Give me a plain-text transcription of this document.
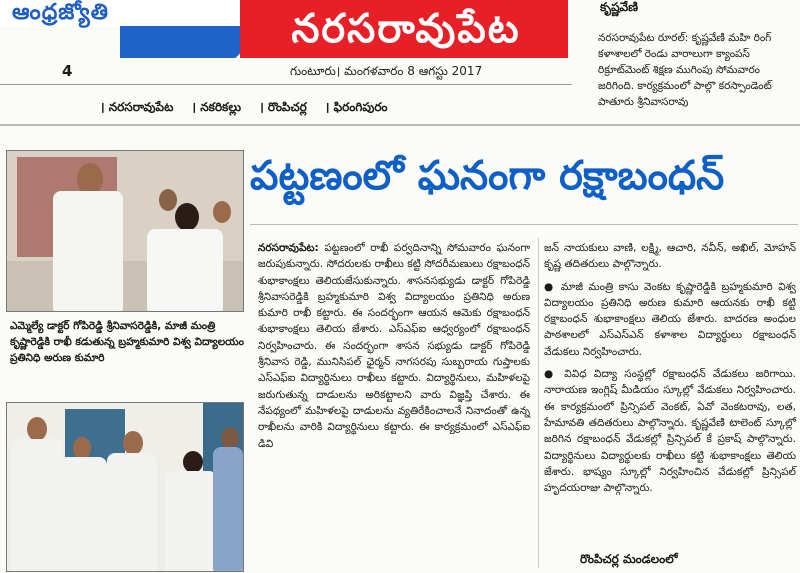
ఆంధ్రజ్యోతి	నరసరావుపేట
4	గుంటూరు। మంగళవారం 8 ఆగస్టు 2017
। నరసరావుపేట । నకరికల్లు । రొంపిచర్ల । ఫిరంగిపురం
కృష్ణవేణి
నరసరావుపేట రూరల్: కృష్ణవేణి మహి రింగ్ కళాశాలలో రెండు వారాలుగా క్యాంపస్ రిక్రూట్‌మెంట్ శిక్షణ ముగింపు సోమవారం జరిగింది. కార్యక్రమంలో పాల్గొ కరస్పాండెంట్ పాతూరు శ్రీనివాసరావు
పట్టణంలో ఘనంగా రక్షాబంధన్
ఎమ్మెల్యే డాక్టర్ గోపిరెడ్డి శ్రీనివాసరెడ్డికి, మాజీ మంత్రి కృష్ణారెడ్డికి రాఖీ కడుతున్న బ్రహ్మకుమారి విశ్వ విద్యాలయం ప్రతినిధి అరుణ కుమారి
నరసరావుపేట: పట్టణంలో రాఖీ పర్వదినాన్ని సోమవారం ఘనంగా జరుపుకున్నారు. సోదరులకు రాఖీలు కట్టి సోదరీమణులు రక్షాబంధన్ శుభాకాంక్షలు తెలియజేసుకున్నారు. శాసనసభ్యుడు డాక్టర్ గోపిరెడ్డి శ్రీనివాసరెడ్డికి బ్రహ్మకుమారి విశ్వ విద్యాలయం ప్రతినిధి అరుణ కుమారి రాఖీ కట్టారు. ఈ సందర్భంగా ఆయన ఆమెకు రక్షాబంధన్ శుభాకాంక్షలు తెలియ జేశారు. ఎస్ఎఫ్ఐ ఆధ్వర్యంలో రక్షాబంధన్ నిర్వహించారు. ఈ సందర్భంగా శాసన సభ్యుడు డాక్టర్ గోపిరెడ్డి శ్రీనివాస రెడ్డి, మునిసిపల్ ఛైర్మన్ నాగసరపు సుబ్బరాయ గుప్తాలకు ఎస్ఎఫ్ఐ విద్యార్థినులు రాఖీలు కట్టారు. విద్యార్థినులు, మహిళలపై జరుగుతున్న దాడులను అరికట్టాలని వారు విజ్ఞప్తి చేశారు. ఈ నేపథ్యంలో మహిళలపై దాడులను వ్యతిరేకించాలనే నినాదంతో ఉన్న రాఖీలను వారికి విద్యార్థినులు కట్టారు. ఈ కార్యక్రమంలో ఎస్ఎఫ్ఐ డివి
జన్ నాయకులు వాణి, లక్ష్మి, ఆచారి, నవీన్, అఖిల్, మోహన్ కృష్ణ తదితరులు పాల్గొన్నారు.
● మాజీ మంత్రి కాసు వెంకట కృష్ణారెడ్డికి బ్రహ్మకుమారి విశ్వ విద్యాలయం ప్రతినిధి అరుణ కుమారి ఆయనకు రాఖీ కట్టి రక్షాబంధన్ శుభాకాంక్షలు తెలియ జేశారు. బాదరణ అంధుల పాఠశాలలో ఎస్ఎస్ఎన్ కళాశాల విద్యార్థులు రక్షాబంధన్ వేడుకలు నిర్వహించారు.
● వివిధ విద్యా సంస్థల్లో రక్షాబంధన్ వేడుకలు జరిగాయి. నారాయణ ఇంగ్లిష్ మీడియం స్కూల్లో వేడుకలు నిర్వహించారు. ఈ కార్యక్రమంలో ప్రిన్సిపల్ వెంకట్, ఏవో వెంకటరావు, లత, హేమావతి తదితరులు పాల్గొన్నారు. కృష్ణవేణి టాలెంట్ స్కూల్లో జరిగిన రక్షాబంధన్ వేడుకల్లో ప్రిన్సిపల్ కే ప్రకాష్ పాల్గొన్నారు. విద్యార్థినులు విద్యార్థులకు రాఖీలు కట్టి శుభాకాంక్షలు తెలియ జేశారు. భాష్యం స్కూల్లో నిర్వహించిన వేడుకల్లో ప్రిన్సిపల్ హృదయరాజు పాల్గొన్నారు.
రొంపిచర్ల మండలంలో
